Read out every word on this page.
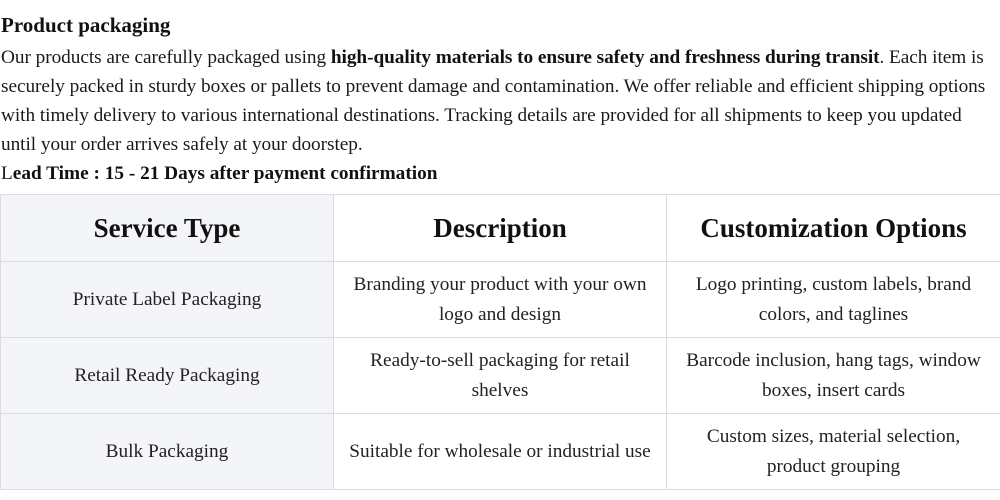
Product packaging

Our products are carefully packaged using high-quality materials to ensure safety and freshness during transit. Each item is securely packed in sturdy boxes or pallets to prevent damage and contamination. We offer reliable and efficient shipping options with timely delivery to various international destinations. Tracking details are provided for all shipments to keep you updated until your order arrives safely at your doorstep.

Lead Time : 15 - 21 Days after payment confirmation

Service Type	Description	Customization Options
Private Label Packaging	Branding your product with your own logo and design	Logo printing, custom labels, brand colors, and taglines
Retail Ready Packaging	Ready-to-sell packaging for retail shelves	Barcode inclusion, hang tags, window boxes, insert cards
Bulk Packaging	Suitable for wholesale or industrial use	Custom sizes, material selection, product grouping
